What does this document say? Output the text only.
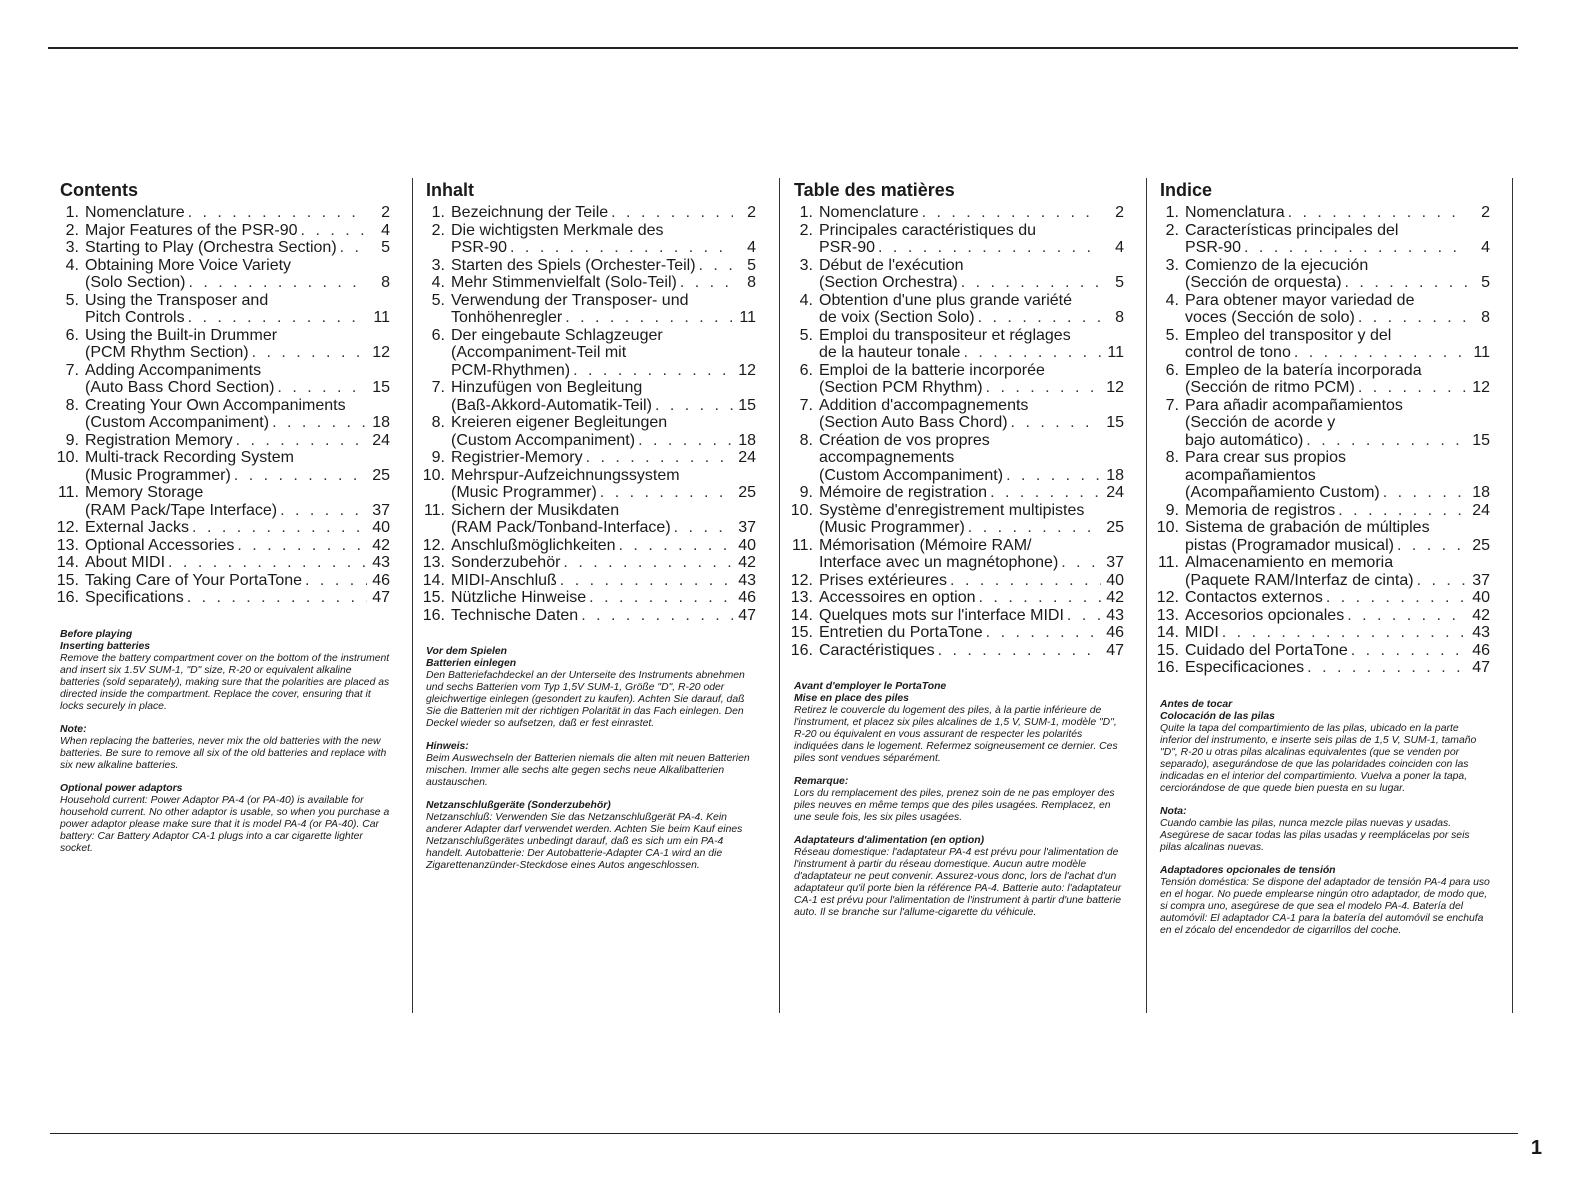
Contents
1. Nomenclature . . .	2
2. Major Features of the PSR-90 . . .	4
3. Starting to Play (Orchestra Section) . . .	5
4. Obtaining More Voice Variety
(Solo Section) . . .	8
5. Using the Transposer and
Pitch Controls . . .	11
6. Using the Built-in Drummer
(PCM Rhythm Section) . . .	12
7. Adding Accompaniments
(Auto Bass Chord Section) . . .	15
8. Creating Your Own Accompaniments
(Custom Accompaniment) . . .	18
9. Registration Memory . . .	24
10. Multi-track Recording System
(Music Programmer) . . .	25
11. Memory Storage
(RAM Pack/Tape Interface) . . .	37
12. External Jacks . . .	40
13. Optional Accessories . . .	42
14. About MIDI . . .	43
15. Taking Care of Your PortaTone . . .	46
16. Specifications . . .	47
Before playing
Inserting batteries
Remove the battery compartment cover on the bottom of the instrument and insert six 1.5V SUM-1, "D" size, R-20 or equivalent alkaline batteries (sold separately), making sure that the polarities are placed as directed inside the compartment. Replace the cover, ensuring that it locks securely in place.
Note:
When replacing the batteries, never mix the old batteries with the new batteries. Be sure to remove all six of the old batteries and replace with six new alkaline batteries.
Optional power adaptors
Household current: Power Adaptor PA-4 (or PA-40) is available for household current. No other adaptor is usable, so when you purchase a power adaptor please make sure that it is model PA-4 (or PA-40). Car battery: Car Battery Adaptor CA-1 plugs into a car cigarette lighter socket.
Inhalt
1. Bezeichnung der Teile . . .	2
2. Die wichtigsten Merkmale des
PSR-90 . . .	4
3. Starten des Spiels (Orchester-Teil) . . .	5
4. Mehr Stimmenvielfalt (Solo-Teil) . . .	8
5. Verwendung der Transposer- und
Tonhöhenregler . . .	11
6. Der eingebaute Schlagzeuger
(Accompaniment-Teil mit
PCM-Rhythmen) . . .	12
7. Hinzufügen von Begleitung
(Baß-Akkord-Automatik-Teil) . . .	15
8. Kreieren eigener Begleitungen
(Custom Accompaniment) . . .	18
9. Registrier-Memory . . .	24
10. Mehrspur-Aufzeichnungssystem
(Music Programmer) . . .	25
11. Sichern der Musikdaten
(RAM Pack/Tonband-Interface) . . .	37
12. Anschlußmöglichkeiten . . .	40
13. Sonderzubehör . . .	42
14. MIDI-Anschluß . . .	43
15. Nützliche Hinweise . . .	46
16. Technische Daten . . .	47
Vor dem Spielen
Batterien einlegen
Den Batteriefachdeckel an der Unterseite des Instruments abnehmen und sechs Batterien vom Typ 1,5V SUM-1, Größe "D", R-20 oder gleichwertige einlegen (gesondert zu kaufen). Achten Sie darauf, daß Sie die Batterien mit der richtigen Polarität in das Fach einlegen. Den Deckel wieder so aufsetzen, daß er fest einrastet.
Hinweis:
Beim Auswechseln der Batterien niemals die alten mit neuen Batterien mischen. Immer alle sechs alte gegen sechs neue Alkalibatterien austauschen.
Netzanschlußgeräte (Sonderzubehör)
Netzanschluß: Verwenden Sie das Netzanschlußgerät PA-4. Kein anderer Adapter darf verwendet werden. Achten Sie beim Kauf eines Netzanschlußgerätes unbedingt darauf, daß es sich um ein PA-4 handelt. Autobatterie: Der Autobatterie-Adapter CA-1 wird an die Zigarettenanzünder-Steckdose eines Autos angeschlossen.
Table des matières
1. Nomenclature . . .	2
2. Principales caractéristiques du
PSR-90 . . .	4
3. Début de l'exécution
(Section Orchestra) . . .	5
4. Obtention d'une plus grande variété
de voix (Section Solo) . . .	8
5. Emploi du transpositeur et réglages
de la hauteur tonale . . .	11
6. Emploi de la batterie incorporée
(Section PCM Rhythm) . . .	12
7. Addition d'accompagnements
(Section Auto Bass Chord) . . .	15
8. Création de vos propres
accompagnements
(Custom Accompaniment) . . .	18
9. Mémoire de registration . . .	24
10. Système d'enregistrement multipistes
(Music Programmer) . . .	25
11. Mémorisation (Mémoire RAM/
Interface avec un magnétophone) . . .	37
12. Prises extérieures . . .	40
13. Accessoires en option . . .	42
14. Quelques mots sur l'interface MIDI . . .	43
15. Entretien du PortaTone . . .	46
16. Caractéristiques . . .	47
Avant d'employer le PortaTone
Mise en place des piles
Retirez le couvercle du logement des piles, à la partie inférieure de l'instrument, et placez six piles alcalines de 1,5 V, SUM-1, modèle "D", R-20 ou équivalent en vous assurant de respecter les polarités indiquées dans le logement. Refermez soigneusement ce dernier. Ces piles sont vendues séparément.
Remarque:
Lors du remplacement des piles, prenez soin de ne pas employer des piles neuves en même temps que des piles usagées. Remplacez, en une seule fois, les six piles usagées.
Adaptateurs d'alimentation (en option)
Réseau domestique: l'adaptateur PA-4 est prévu pour l'alimentation de l'instrument à partir du réseau domestique. Aucun autre modèle d'adaptateur ne peut convenir. Assurez-vous donc, lors de l'achat d'un adaptateur qu'il porte bien la référence PA-4. Batterie auto: l'adaptateur CA-1 est prévu pour l'alimentation de l'instrument à partir d'une batterie auto. Il se branche sur l'allume-cigarette du véhicule.
Indice
1. Nomenclatura . . .	2
2. Características principales del
PSR-90 . . .	4
3. Comienzo de la ejecución
(Sección de orquesta) . . .	5
4. Para obtener mayor variedad de
voces (Sección de solo) . . .	8
5. Empleo del transpositor y del
control de tono . . .	11
6. Empleo de la batería incorporada
(Sección de ritmo PCM) . . .	12
7. Para añadir acompañamientos
(Sección de acorde y
bajo automático) . . .	15
8. Para crear sus propios
acompañamientos
(Acompañamiento Custom) . . .	18
9. Memoria de registros . . .	24
10. Sistema de grabación de múltiples
pistas (Programador musical) . . .	25
11. Almacenamiento en memoria
(Paquete RAM/Interfaz de cinta) . . .	37
12. Contactos externos . . .	40
13. Accesorios opcionales . . .	42
14. MIDI . . .	43
15. Cuidado del PortaTone . . .	46
16. Especificaciones . . .	47
Antes de tocar
Colocación de las pilas
Quite la tapa del compartimiento de las pilas, ubicado en la parte inferior del instrumento, e inserte seis pilas de 1,5 V, SUM-1, tamaño "D", R-20 u otras pilas alcalinas equivalentes (que se venden por separado), asegurándose de que las polaridades coinciden con las indicadas en el interior del compartimiento. Vuelva a poner la tapa, cerciorándose de que quede bien puesta en su lugar.
Nota:
Cuando cambie las pilas, nunca mezcle pilas nuevas y usadas. Asegúrese de sacar todas las pilas usadas y reemplácelas por seis pilas alcalinas nuevas.
Adaptadores opcionales de tensión
Tensión doméstica: Se dispone del adaptador de tensión PA-4 para uso en el hogar. No puede emplearse ningún otro adaptador, de modo que, si compra uno, asegúrese de que sea el modelo PA-4. Batería del automóvil: El adaptador CA-1 para la batería del automóvil se enchufa en el zócalo del encendedor de cigarrillos del coche.
1
